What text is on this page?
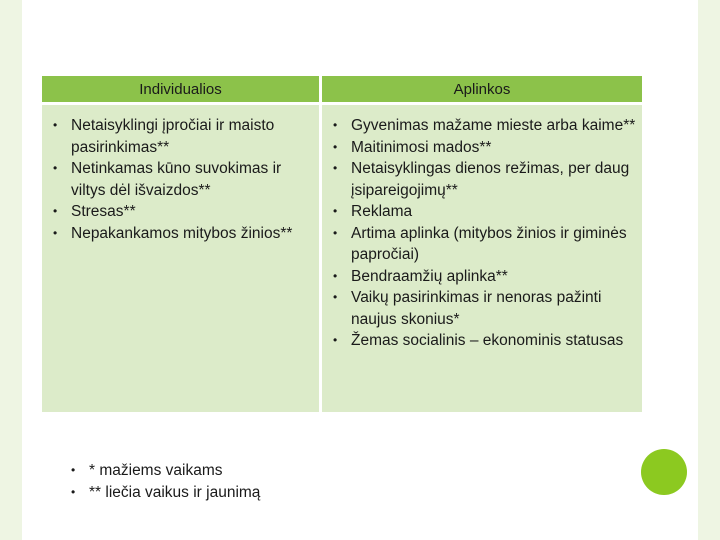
Individualios	Aplinkos
• Netaisyklingi įpročiai ir maisto pasirinkimas**
• Netinkamas kūno suvokimas ir viltys dėl išvaizdos**
• Stresas**
• Nepakankamos mitybos žinios**
• Gyvenimas mažame mieste arba kaime**
• Maitinimosi mados**
• Netaisyklingas dienos režimas, per daug įsipareigojimų**
• Reklama
• Artima aplinka (mitybos žinios ir giminės papročiai)
• Bendraamžių aplinka**
• Vaikų pasirinkimas ir nenoras pažinti naujus skonius*
• Žemas socialinis – ekonominis statusas
• * mažiems vaikams
• ** liečia vaikus ir jaunimą
